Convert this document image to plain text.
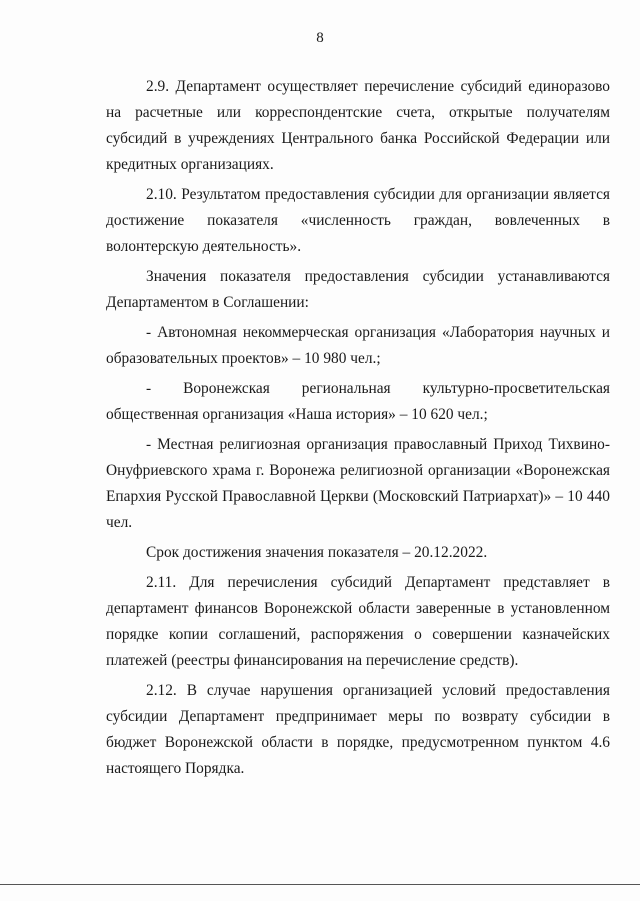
8

2.9. Департамент осуществляет перечисление субсидий единоразово на расчетные или корреспондентские счета, открытые получателям субсидий в учреждениях Центрального банка Российской Федерации или кредитных организациях.

2.10. Результатом предоставления субсидии для организации является достижение показателя «численность граждан, вовлеченных в волонтерскую деятельность».

Значения показателя предоставления субсидии устанавливаются Департаментом в Соглашении:

- Автономная некоммерческая организация «Лаборатория научных и образовательных проектов» – 10 980 чел.;

- Воронежская региональная культурно-просветительская общественная организация «Наша история» – 10 620 чел.;

- Местная религиозная организация православный Приход Тихвино-Онуфриевского храма г. Воронежа религиозной организации «Воронежская Епархия Русской Православной Церкви (Московский Патриархат)» – 10 440 чел.

Срок достижения значения показателя – 20.12.2022.

2.11. Для перечисления субсидий Департамент представляет в департамент финансов Воронежской области заверенные в установленном порядке копии соглашений, распоряжения о совершении казначейских платежей (реестры финансирования на перечисление средств).

2.12. В случае нарушения организацией условий предоставления субсидии Департамент предпринимает меры по возврату субсидии в бюджет Воронежской области в порядке, предусмотренном пунктом 4.6 настоящего Порядка.
